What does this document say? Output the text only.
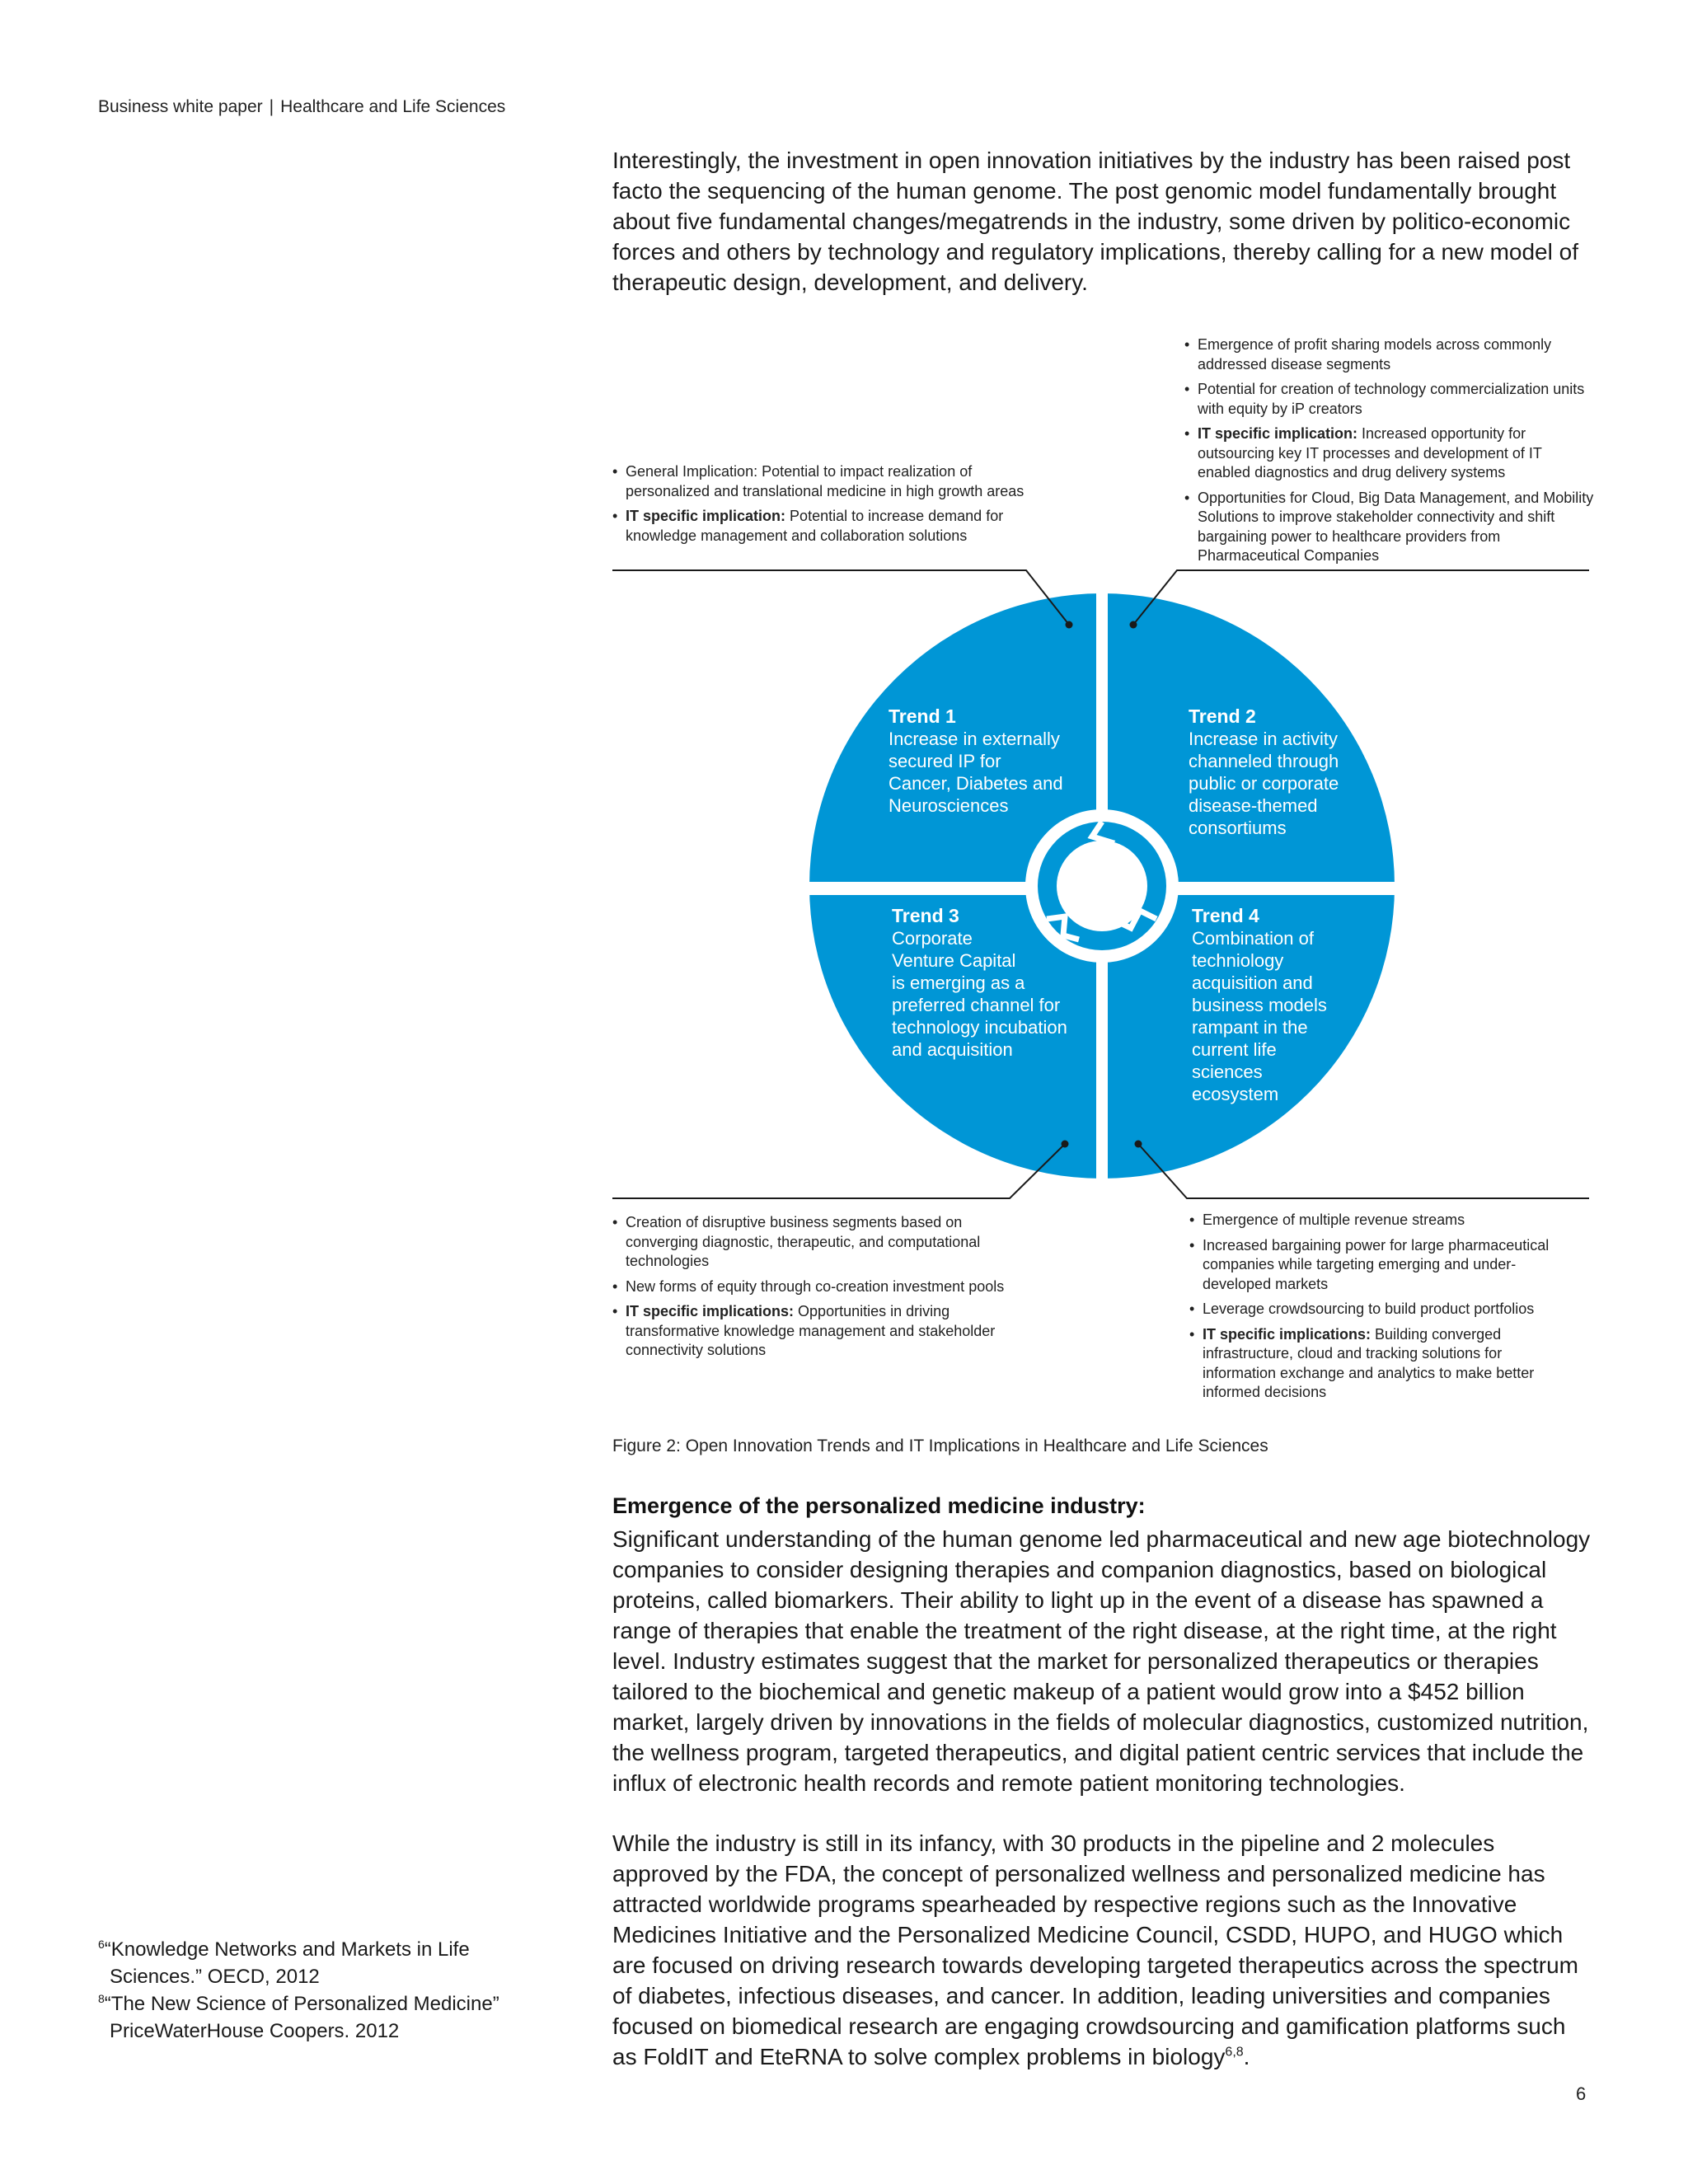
Business white paper | Healthcare and Life Sciences
Interestingly, the investment in open innovation initiatives by the industry has been raised post facto the sequencing of the human genome. The post genomic model fundamentally brought about five fundamental changes/megatrends in the industry, some driven by politico-economic forces and others by technology and regulatory implications, thereby calling for a new model of therapeutic design, development, and delivery.
Trend 1
Increase in externally
secured IP for
Cancer, Diabetes and
Neurosciences
Trend 2
Increase in activity
channeled through
public or corporate
disease-themed
consortiums
Trend 3
Corporate
Venture Capital
is emerging as a
preferred channel for
technology incubation
and acquisition
Trend 4
Combination of
techniology
acquisition and
business models
rampant in the
current life
sciences
ecosystem
• General Implication: Potential to impact realization of personalized and translational medicine in high growth areas
• IT specific implication: Potential to increase demand for knowledge management and collaboration solutions
• Emergence of profit sharing models across commonly addressed disease segments
• Potential for creation of technology commercialization units with equity by iP creators
• IT specific implication: Increased opportunity for outsourcing key IT processes and development of IT enabled diagnostics and drug delivery systems
• Opportunities for Cloud, Big Data Management, and Mobility Solutions to improve stakeholder connectivity and shift bargaining power to healthcare providers from Pharmaceutical Companies
• Creation of disruptive business segments based on converging diagnostic, therapeutic, and computational technologies
• New forms of equity through co-creation investment pools
• IT specific implications: Opportunities in driving transformative knowledge management and stakeholder connectivity solutions
• Emergence of multiple revenue streams
• Increased bargaining power for large pharmaceutical companies while targeting emerging and under-developed markets
• Leverage crowdsourcing to build product portfolios
• IT specific implications: Building converged infrastructure, cloud and tracking solutions for information exchange and analytics to make better informed decisions
Figure 2: Open Innovation Trends and IT Implications in Healthcare and Life Sciences
Emergence of the personalized medicine industry:
Significant understanding of the human genome led pharmaceutical and new age biotechnology companies to consider designing therapies and companion diagnostics, based on biological proteins, called biomarkers. Their ability to light up in the event of a disease has spawned a range of therapies that enable the treatment of the right disease, at the right time, at the right level. Industry estimates suggest that the market for personalized therapeutics or therapies tailored to the biochemical and genetic makeup of a patient would grow into a $452 billion market, largely driven by innovations in the fields of molecular diagnostics, customized nutrition, the wellness program, targeted therapeutics, and digital patient centric services that include the influx of electronic health records and remote patient monitoring technologies.
While the industry is still in its infancy, with 30 products in the pipeline and 2 molecules approved by the FDA, the concept of personalized wellness and personalized medicine has attracted worldwide programs spearheaded by respective regions such as the Innovative Medicines Initiative and the Personalized Medicine Council, CSDD, HUPO, and HUGO which are focused on driving research towards developing targeted therapeutics across the spectrum of diabetes, infectious diseases, and cancer. In addition, leading universities and companies focused on biomedical research are engaging crowdsourcing and gamification platforms such as FoldIT and EteRNA to solve complex problems in biology$^{6,8}$.
$^6$“Knowledge Networks and Markets in Life Sciences.” OECD, 2012
$^8$“The New Science of Personalized Medicine” PriceWaterHouse Coopers. 2012
6
